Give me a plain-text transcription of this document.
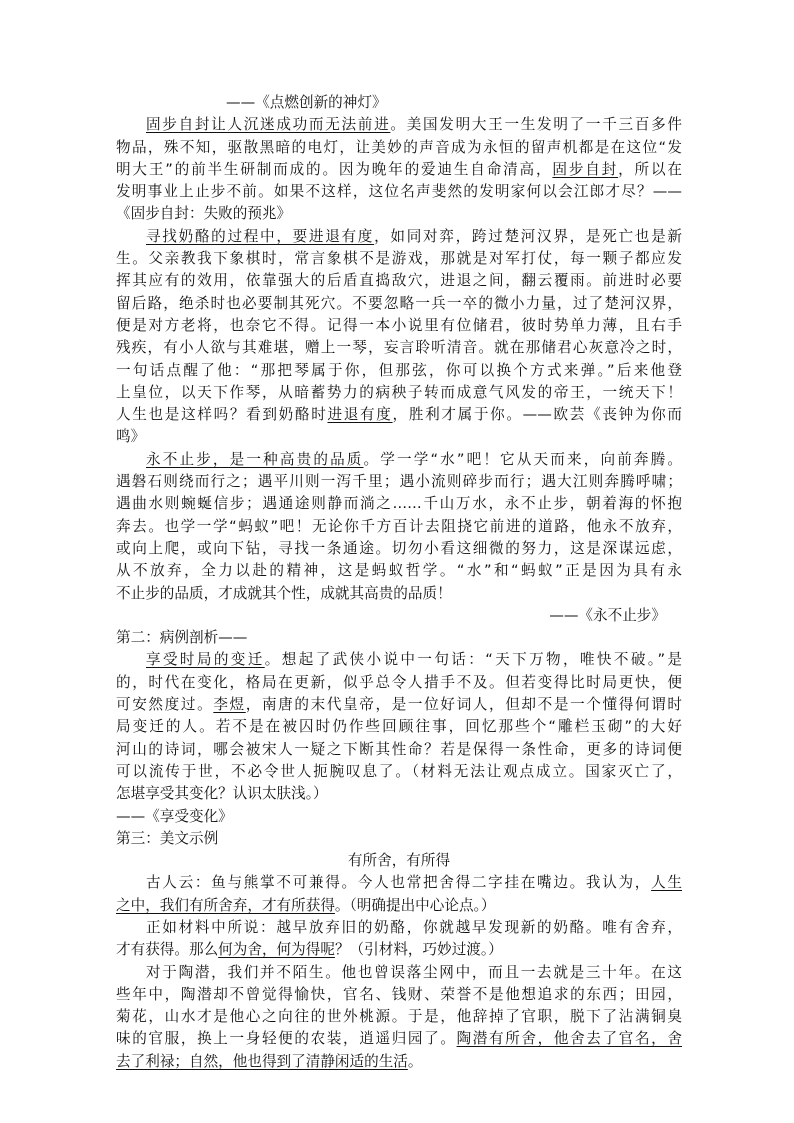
——《点燃创新的神灯》
固步自封让人沉迷成功而无法前进。美国发明大王一生发明了一千三百多件
物品，殊不知，驱散黑暗的电灯，让美妙的声音成为永恒的留声机都是在这位“发
明大王”的前半生研制而成的。因为晚年的爱迪生自命清高，固步自封，所以在
发明事业上止步不前。如果不这样，这位名声斐然的发明家何以会江郎才尽？——
《固步自封：失败的预兆》
寻找奶酪的过程中，要进退有度，如同对弈，跨过楚河汉界，是死亡也是新
生。父亲教我下象棋时，常言象棋不是游戏，那就是对军打仗，每一颗子都应发
挥其应有的效用，依靠强大的后盾直捣敌穴，进退之间，翻云覆雨。前进时必要
留后路，绝杀时也必要制其死穴。不要忽略一兵一卒的微小力量，过了楚河汉界，
便是对方老将，也奈它不得。记得一本小说里有位储君，彼时势单力薄，且右手
残疾，有小人欲与其难堪，赠上一琴，妄言聆听清音。就在那储君心灰意冷之时，
一句话点醒了他：“那把琴属于你，但那弦，你可以换个方式来弹。”后来他登
上皇位，以天下作琴，从暗蓄势力的病秧子转而成意气风发的帝王，一统天下！
人生也是这样吗？看到奶酪时进退有度，胜利才属于你。——欧芸《丧钟为你而
鸣》
永不止步，是一种高贵的品质。学一学“水”吧！它从天而来，向前奔腾。
遇磐石则绕而行之；遇平川则一泻千里；遇小流则碎步而行；遇大江则奔腾呼啸；
遇曲水则蜿蜒信步；遇通途则静而淌之……千山万水，永不止步，朝着海的怀抱
奔去。也学一学“蚂蚁”吧！无论你千方百计去阻挠它前进的道路，他永不放弃，
或向上爬，或向下钻，寻找一条通途。切勿小看这细微的努力，这是深谋远虑，
从不放弃，全力以赴的精神，这是蚂蚁哲学。“水”和“蚂蚁”正是因为具有永
不止步的品质，才成就其个性，成就其高贵的品质！
——《永不止步》
第二：病例剖析——
享受时局的变迁。想起了武侠小说中一句话：“天下万物，唯快不破。”是
的，时代在变化，格局在更新，似乎总令人措手不及。但若变得比时局更快，便
可安然度过。李煜，南唐的末代皇帝，是一位好词人，但却不是一个懂得何谓时
局变迁的人。若不是在被囚时仍作些回顾往事，回忆那些个“雕栏玉砌”的大好
河山的诗词，哪会被宋人一疑之下断其性命？若是保得一条性命，更多的诗词便
可以流传于世，不必令世人扼腕叹息了。（材料无法让观点成立。国家灭亡了，
怎堪享受其变化？认识太肤浅。）
——《享受变化》
第三：美文示例
有所舍，有所得
古人云：鱼与熊掌不可兼得。今人也常把舍得二字挂在嘴边。我认为，人生
之中，我们有所舍弃，才有所获得。（明确提出中心论点。）
正如材料中所说：越早放弃旧的奶酪，你就越早发现新的奶酪。唯有舍弃，
才有获得。那么何为舍，何为得呢？（引材料，巧妙过渡。）
对于陶潜，我们并不陌生。他也曾误落尘网中，而且一去就是三十年。在这
些年中，陶潜却不曾觉得愉快，官名、钱财、荣誉不是他想追求的东西；田园，
菊花，山水才是他心之向往的世外桃源。于是，他辞掉了官职，脱下了沾满铜臭
味的官服，换上一身轻便的农装，逍遥归园了。陶潜有所舍，他舍去了官名，舍
去了利禄；自然，他也得到了清静闲适的生活。
